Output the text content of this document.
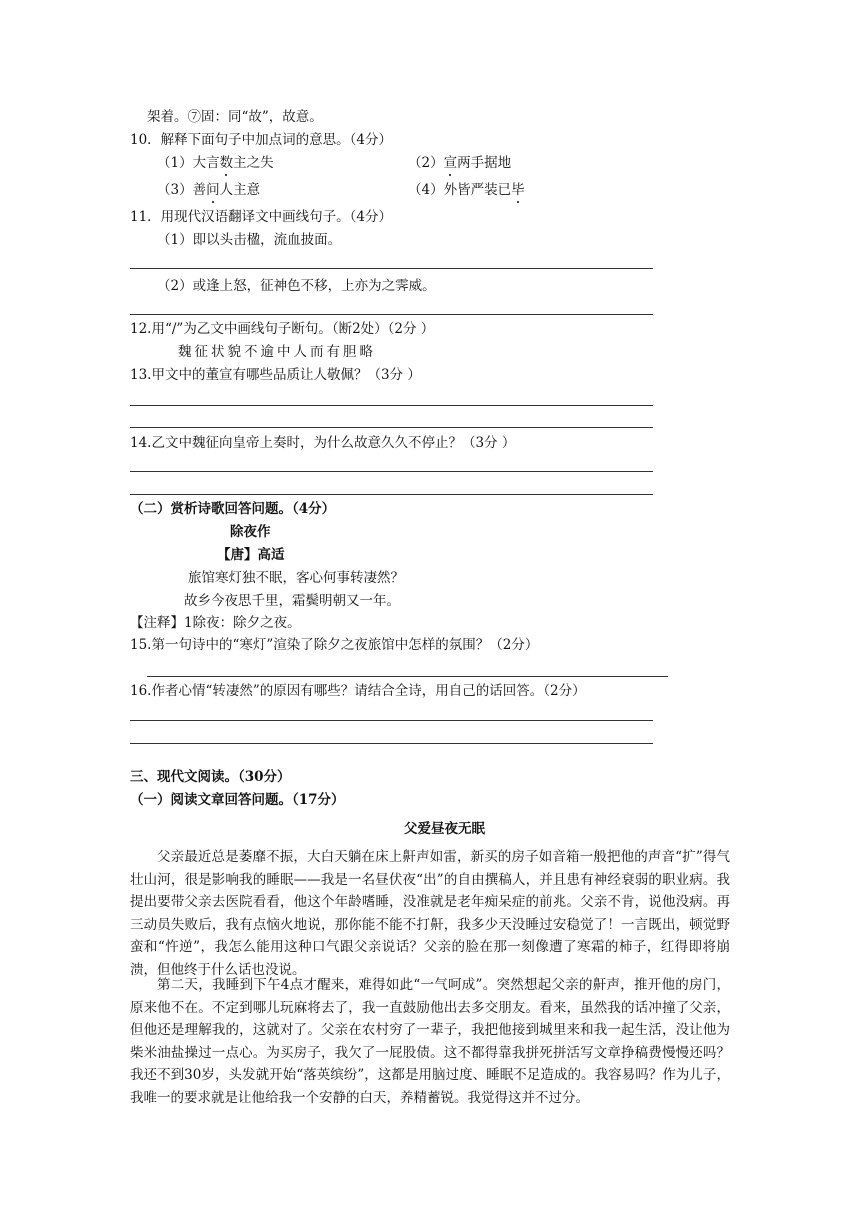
架着。⑦固：同“故”，故意。
10．解释下面句子中加点词的意思。（4分）
（1）大言数主之失	（2）宣两手据地
（3）善问人主意	（4）外皆严装已毕
11．用现代汉语翻译文中画线句子。（4分）
（1）即以头击楹，流血披面。
（2）或逢上怒，征神色不移，上亦为之霁威。
12.用“/”为乙文中画线句子断句。（断2处）（2分 ）
魏征状貌不逾中人而有胆略
13.甲文中的董宣有哪些品质让人敬佩？（3分 ）
14.乙文中魏征向皇帝上奏时，为什么故意久久不停止？（3分 ）
（二）赏析诗歌回答问题。（4分）
除夜作
【唐】高适
旅馆寒灯独不眠，客心何事转凄然？
故乡今夜思千里，霜鬓明朝又一年。
【注释】1除夜：除夕之夜。
15.第一句诗中的“寒灯”渲染了除夕之夜旅馆中怎样的氛围？（2分）
16.作者心情“转凄然”的原因有哪些？请结合全诗，用自己的话回答。（2分）
三、现代文阅读。（30分）
（一）阅读文章回答问题。（17分）
父爱昼夜无眠
父亲最近总是萎靡不振，大白天躺在床上鼾声如雷，新买的房子如音箱一般把他的声音“扩”得气壮山河，很是影响我的睡眠——我是一名昼伏夜“出”的自由撰稿人，并且患有神经衰弱的职业病。我提出要带父亲去医院看看，他这个年龄嗜睡，没准就是老年痴呆症的前兆。父亲不肯，说他没病。再三动员失败后，我有点恼火地说，那你能不能不打鼾，我多少天没睡过安稳觉了！一言既出，顿觉野蛮和“忤逆”，我怎么能用这种口气跟父亲说话？父亲的脸在那一刻像遭了寒霜的柿子，红得即将崩溃，但他终于什么话也没说。
第二天，我睡到下午4点才醒来，难得如此“一气呵成”。突然想起父亲的鼾声，推开他的房门，原来他不在。不定到哪儿玩麻将去了，我一直鼓励他出去多交朋友。看来，虽然我的话冲撞了父亲，但他还是理解我的，这就对了。父亲在农村穷了一辈子，我把他接到城里来和我一起生活，没让他为柴米油盐操过一点心。为买房子，我欠了一屁股债。这不都得靠我拼死拼活写文章挣稿费慢慢还吗？我还不到30岁，头发就开始“落英缤纷”，这都是用脑过度、睡眠不足造成的。我容易吗？作为儿子，我唯一的要求就是让他给我一个安静的白天，养精蓄锐。我觉得这并不过分。
